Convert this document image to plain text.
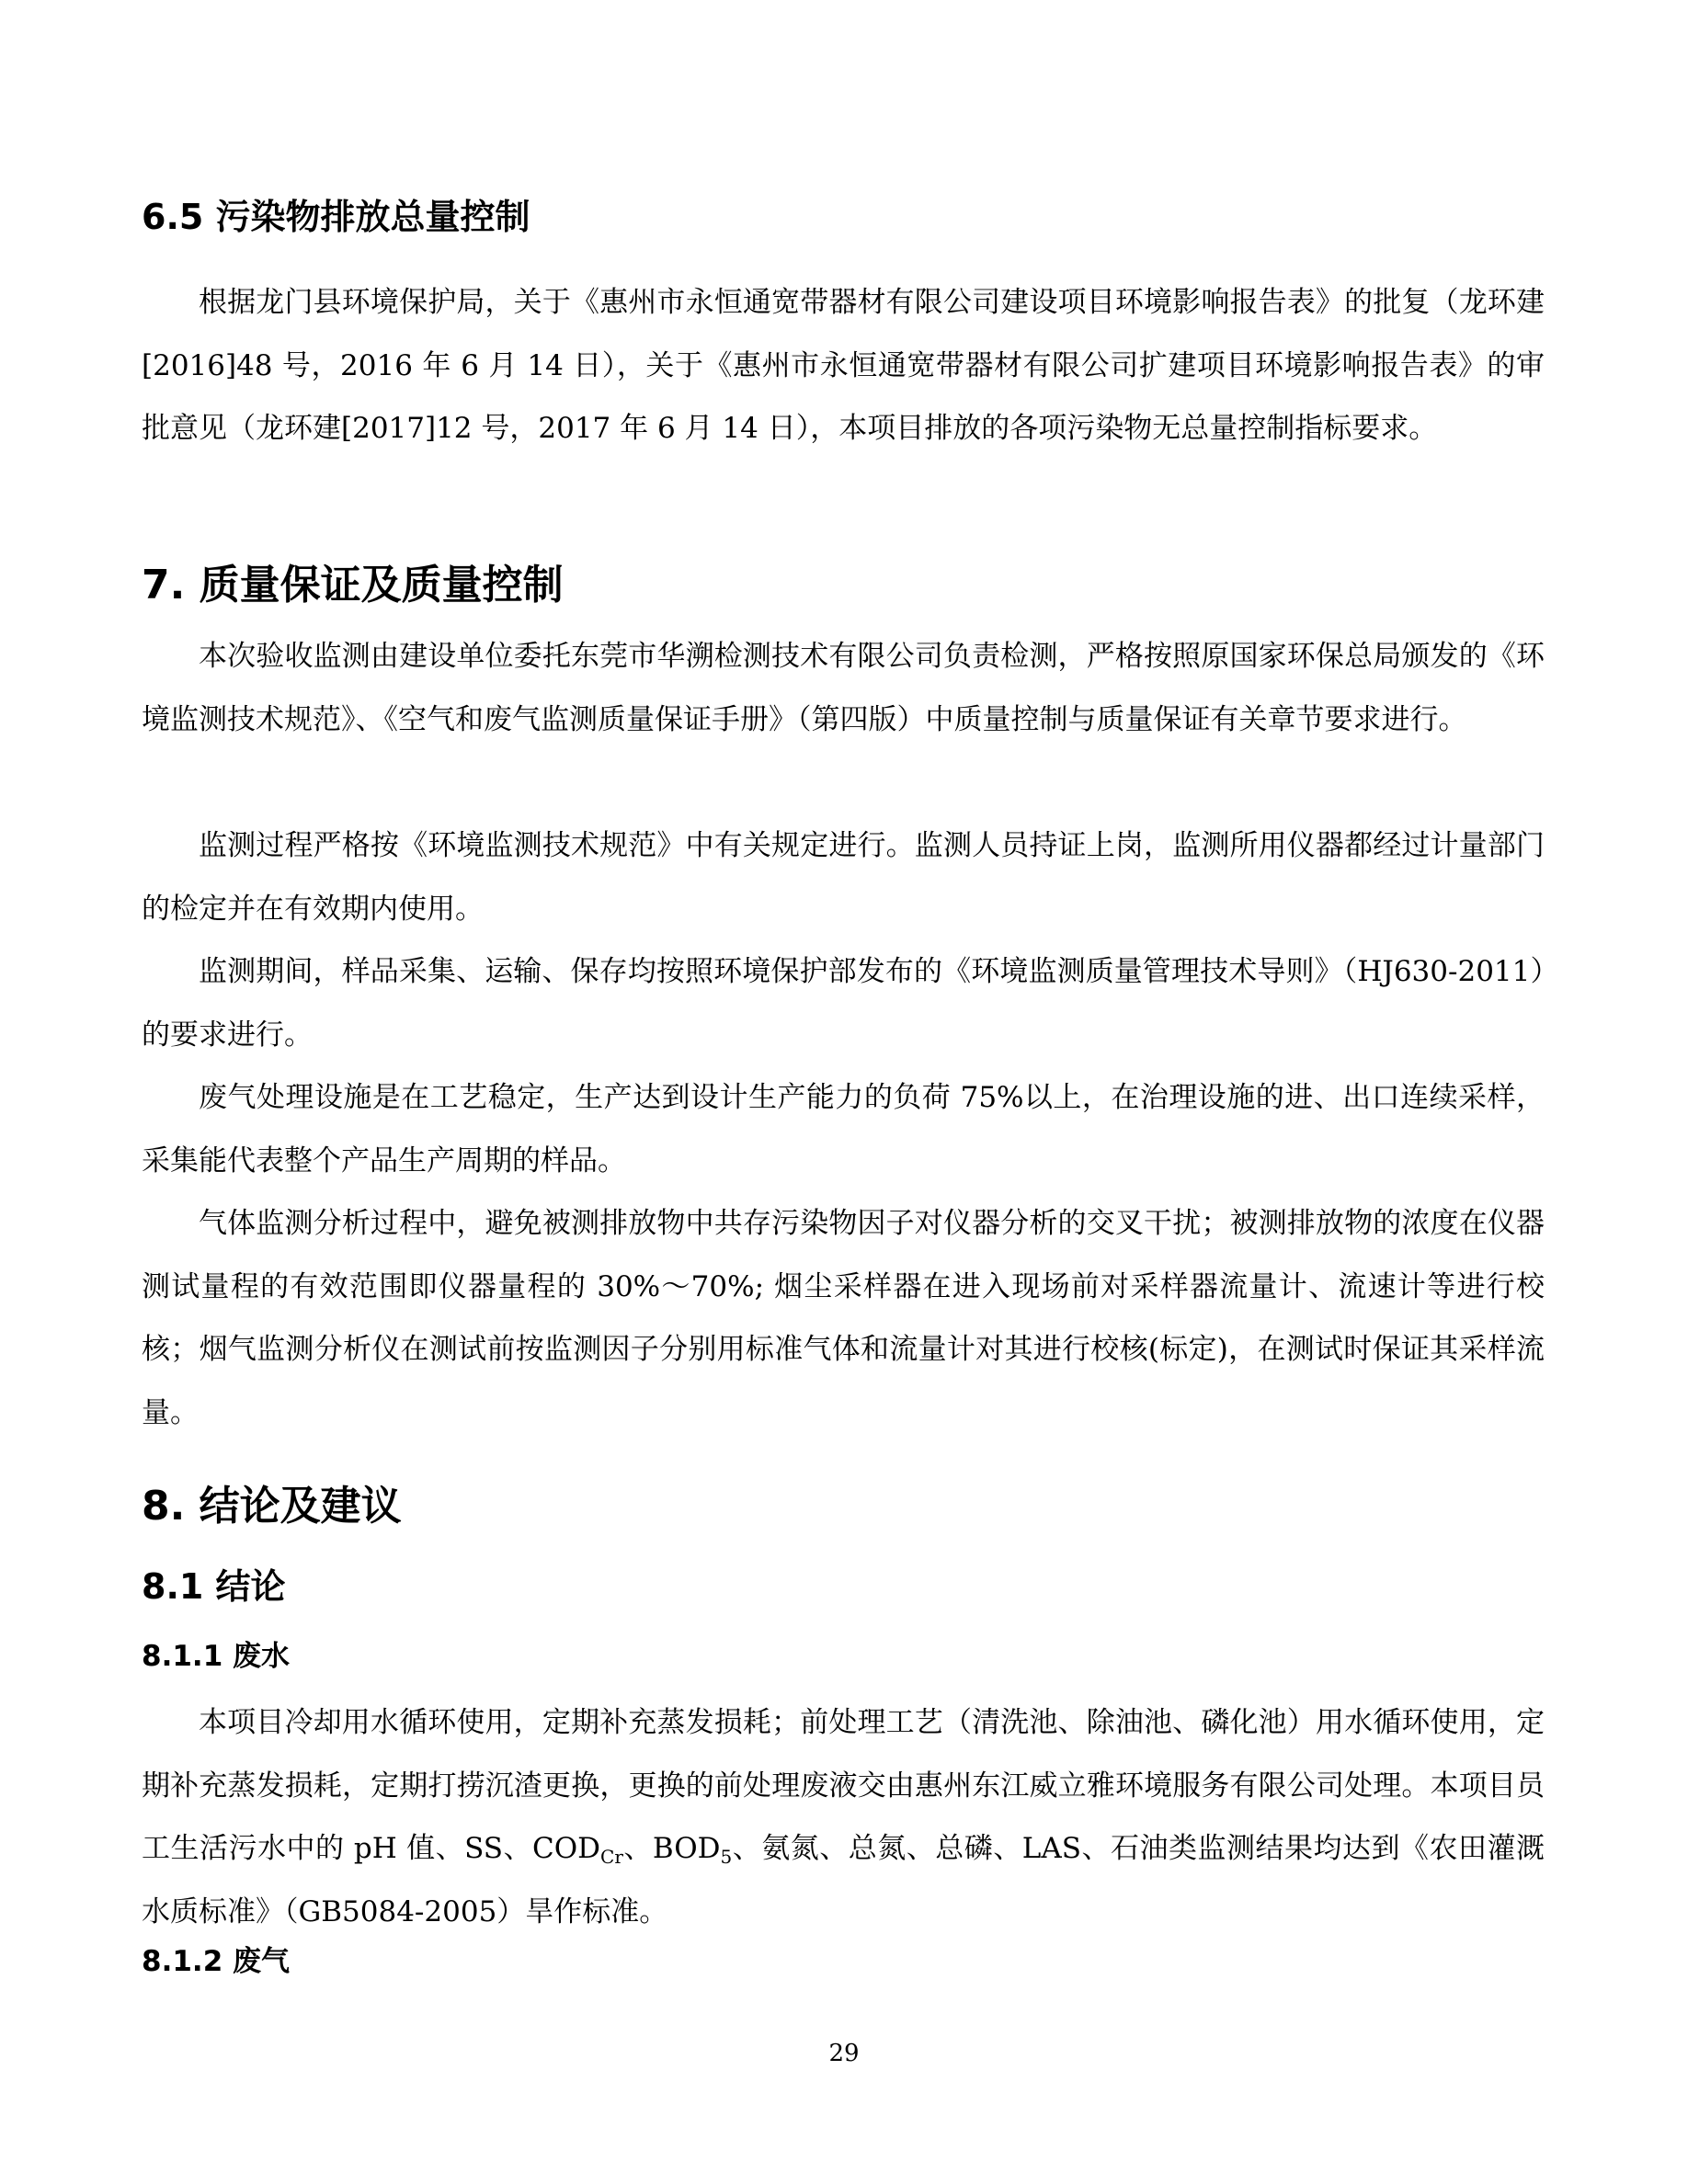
6.5 污染物排放总量控制

根据龙门县环境保护局，关于《惠州市永恒通宽带器材有限公司建设项目环境影响报告表》的批复（龙环建[2016]48 号，2016 年 6 月 14 日），关于《惠州市永恒通宽带器材有限公司扩建项目环境影响报告表》的审批意见（龙环建[2017]12 号，2017 年 6 月 14 日），本项目排放的各项污染物无总量控制指标要求。

7. 质量保证及质量控制

本次验收监测由建设单位委托东莞市华溯检测技术有限公司负责检测，严格按照原国家环保总局颁发的《环境监测技术规范》、《空气和废气监测质量保证手册》（第四版）中质量控制与质量保证有关章节要求进行。

监测过程严格按《环境监测技术规范》中有关规定进行。监测人员持证上岗，监测所用仪器都经过计量部门的检定并在有效期内使用。

监测期间，样品采集、运输、保存均按照环境保护部发布的《环境监测质量管理技术导则》（HJ630-2011）的要求进行。

废气处理设施是在工艺稳定，生产达到设计生产能力的负荷 75%以上，在治理设施的进、出口连续采样，采集能代表整个产品生产周期的样品。

气体监测分析过程中，避免被测排放物中共存污染物因子对仪器分析的交叉干扰；被测排放物的浓度在仪器测试量程的有效范围即仪器量程的 30%～70%; 烟尘采样器在进入现场前对采样器流量计、流速计等进行校核；烟气监测分析仪在测试前按监测因子分别用标准气体和流量计对其进行校核(标定)，在测试时保证其采样流量。

8. 结论及建议
8.1 结论
8.1.1 废水

本项目冷却用水循环使用，定期补充蒸发损耗；前处理工艺（清洗池、除油池、磷化池）用水循环使用，定期补充蒸发损耗，定期打捞沉渣更换，更换的前处理废液交由惠州东江威立雅环境服务有限公司处理。本项目员工生活污水中的 pH 值、SS、$COD_{Cr}$、$BOD_5$、氨氮、总氮、总磷、LAS、石油类监测结果均达到《农田灌溉水质标准》（GB5084-2005）旱作标准。

8.1.2 废气
29
